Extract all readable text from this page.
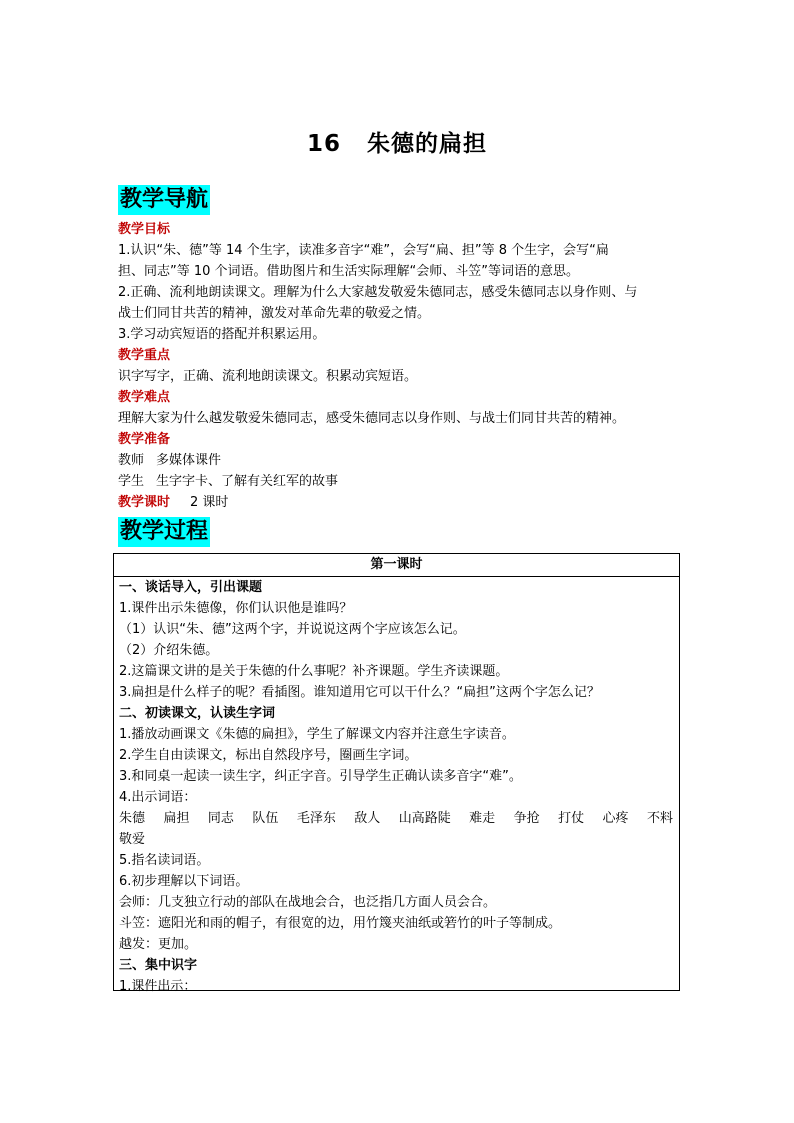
16 朱德的扁担
教学导航
教学目标
1.认识“朱、德”等 14 个生字，读准多音字“难”，会写“扁、担”等 8 个生字，会写“扁
担、同志”等 10 个词语。借助图片和生活实际理解“会师、斗笠”等词语的意思。
2.正确、流利地朗读课文。理解为什么大家越发敬爱朱德同志，感受朱德同志以身作则、与
战士们同甘共苦的精神，激发对革命先辈的敬爱之情。
3.学习动宾短语的搭配并积累运用。
教学重点
识字写字，正确、流利地朗读课文。积累动宾短语。
教学难点
理解大家为什么越发敬爱朱德同志，感受朱德同志以身作则、与战士们同甘共苦的精神。
教学准备
教师 多媒体课件
学生 生字字卡、了解有关红军的故事
教学课时 2 课时
教学过程
第一课时
一、谈话导入，引出课题
1.课件出示朱德像，你们认识他是谁吗？
（1）认识“朱、德”这两个字，并说说这两个字应该怎么记。
（2）介绍朱德。
2.这篇课文讲的是关于朱德的什么事呢？补齐课题。学生齐读课题。
3.扁担是什么样子的呢？看插图。谁知道用它可以干什么？“扁担”这两个字怎么记？
二、初读课文，认读生字词
1.播放动画课文《朱德的扁担》，学生了解课文内容并注意生字读音。
2.学生自由读课文，标出自然段序号，圈画生字词。
3.和同桌一起读一读生字，纠正字音。引导学生正确认读多音字“难”。
4.出示词语：
朱德 扁担 同志 队伍 毛泽东 敌人 山高路陡 难走 争抢 打仗 心疼 不料
敬爱
5.指名读词语。
6.初步理解以下词语。
会师：几支独立行动的部队在战地会合，也泛指几方面人员会合。
斗笠：遮阳光和雨的帽子，有很宽的边，用竹篾夹油纸或箬竹的叶子等制成。
越发：更加。
三、集中识字
1.课件出示：
